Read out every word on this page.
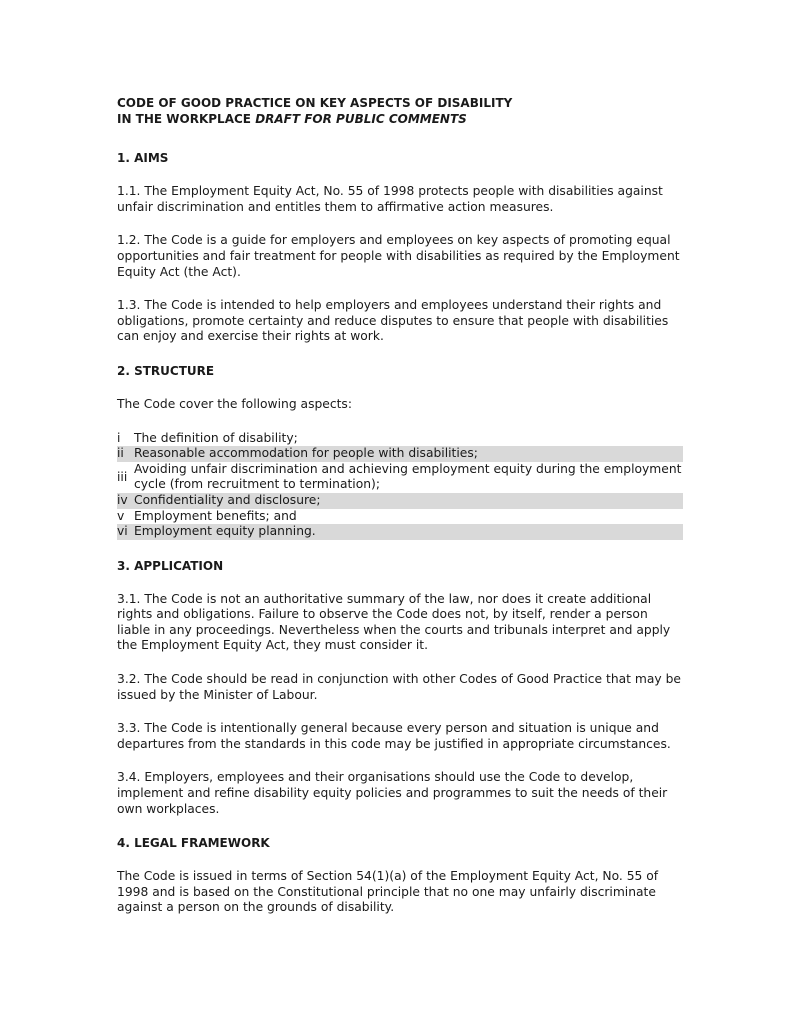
CODE OF GOOD PRACTICE ON KEY ASPECTS OF DISABILITY
IN THE WORKPLACE DRAFT FOR PUBLIC COMMENTS
1. AIMS

1.1. The Employment Equity Act, No. 55 of 1998 protects people with disabilities against unfair discrimination and entitles them to affirmative action measures.

1.2. The Code is a guide for employers and employees on key aspects of promoting equal opportunities and fair treatment for people with disabilities as required by the Employment Equity Act (the Act).

1.3. The Code is intended to help employers and employees understand their rights and obligations, promote certainty and reduce disputes to ensure that people with disabilities can enjoy and exercise their rights at work.

2. STRUCTURE

The Code cover the following aspects:

i	The definition of disability;
ii Reasonable accommodation for people with disabilities;
iii
Avoiding unfair discrimination and achieving employment equity during the employment cycle (from recruitment to termination);
iv Confidentiality and disclosure;
v Employment benefits; and
vi Employment equity planning.
3. APPLICATION

3.1. The Code is not an authoritative summary of the law, nor does it create additional rights and obligations. Failure to observe the Code does not, by itself, render a person liable in any proceedings. Nevertheless when the courts and tribunals interpret and apply the Employment Equity Act, they must consider it.

3.2. The Code should be read in conjunction with other Codes of Good Practice that may be issued by the Minister of Labour.

3.3. The Code is intentionally general because every person and situation is unique and departures from the standards in this code may be justified in appropriate circumstances.

3.4. Employers, employees and their organisations should use the Code to develop, implement and refine disability equity policies and programmes to suit the needs of their own workplaces.

4. LEGAL FRAMEWORK

The Code is issued in terms of Section 54(1)(a) of the Employment Equity Act, No. 55 of 1998 and is based on the Constitutional principle that no one may unfairly discriminate against a person on the grounds of disability.
